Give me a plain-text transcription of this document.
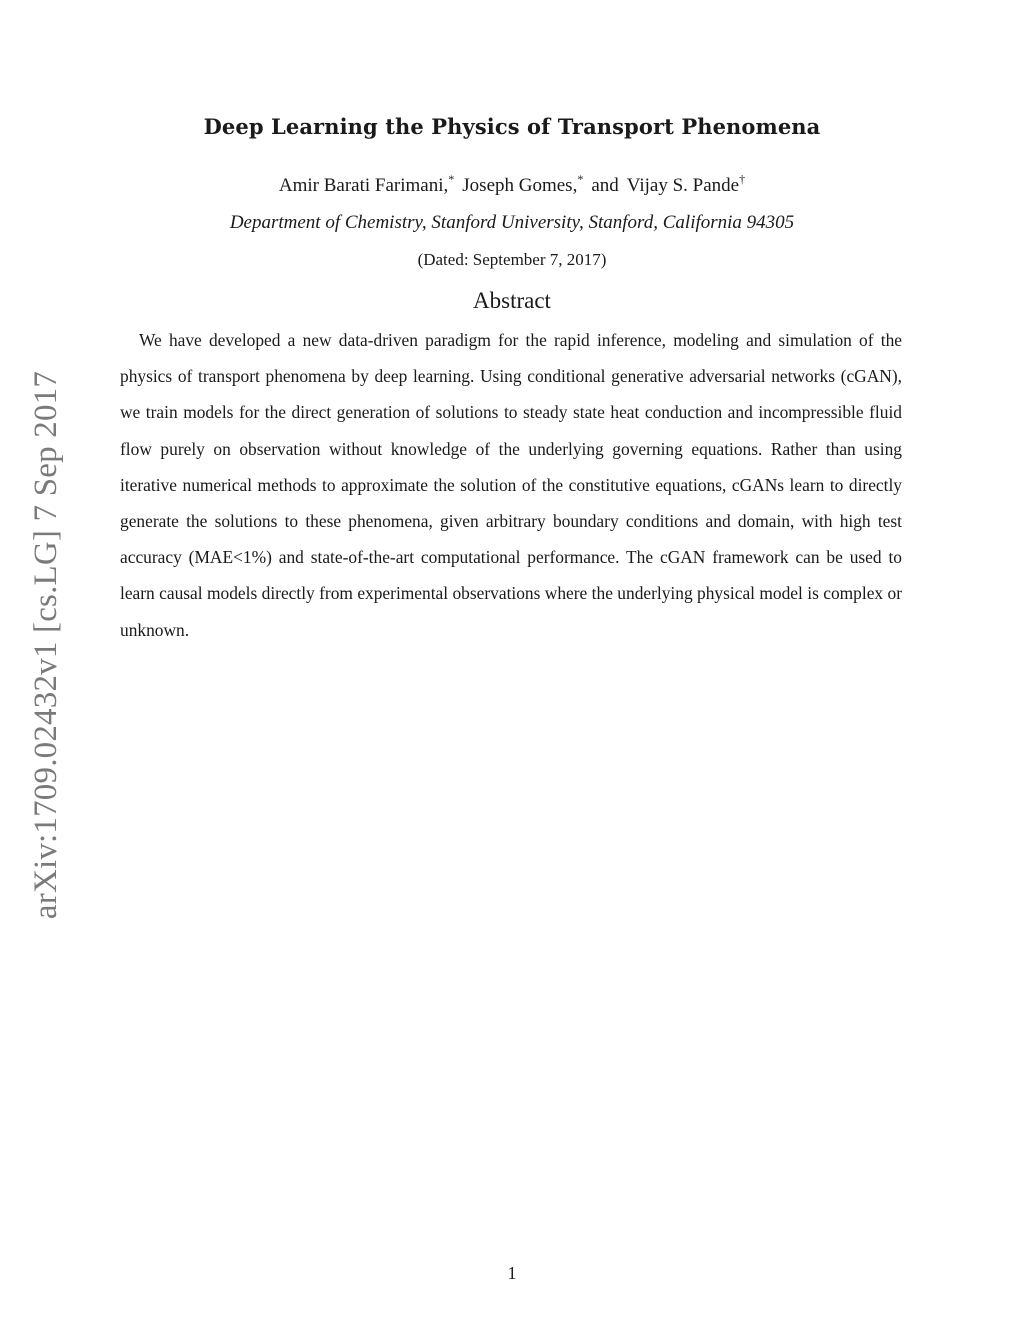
Deep Learning the Physics of Transport Phenomena
Amir Barati Farimani,* Joseph Gomes,* and Vijay S. Pande†
Department of Chemistry, Stanford University, Stanford, California 94305
(Dated: September 7, 2017)
Abstract
We have developed a new data-driven paradigm for the rapid inference, modeling and simulation of the physics of transport phenomena by deep learning. Using conditional generative adversarial networks (cGAN), we train models for the direct generation of solutions to steady state heat conduction and incompressible fluid flow purely on observation without knowledge of the underlying governing equations. Rather than using iterative numerical methods to approximate the solution of the constitutive equations, cGANs learn to directly generate the solutions to these phenomena, given arbitrary boundary conditions and domain, with high test accuracy (MAE<1%) and state-of-the-art computational performance. The cGAN framework can be used to learn causal models directly from experimental observations where the underlying physical model is complex or unknown.
arXiv:1709.02432v1 [cs.LG] 7 Sep 2017
1
